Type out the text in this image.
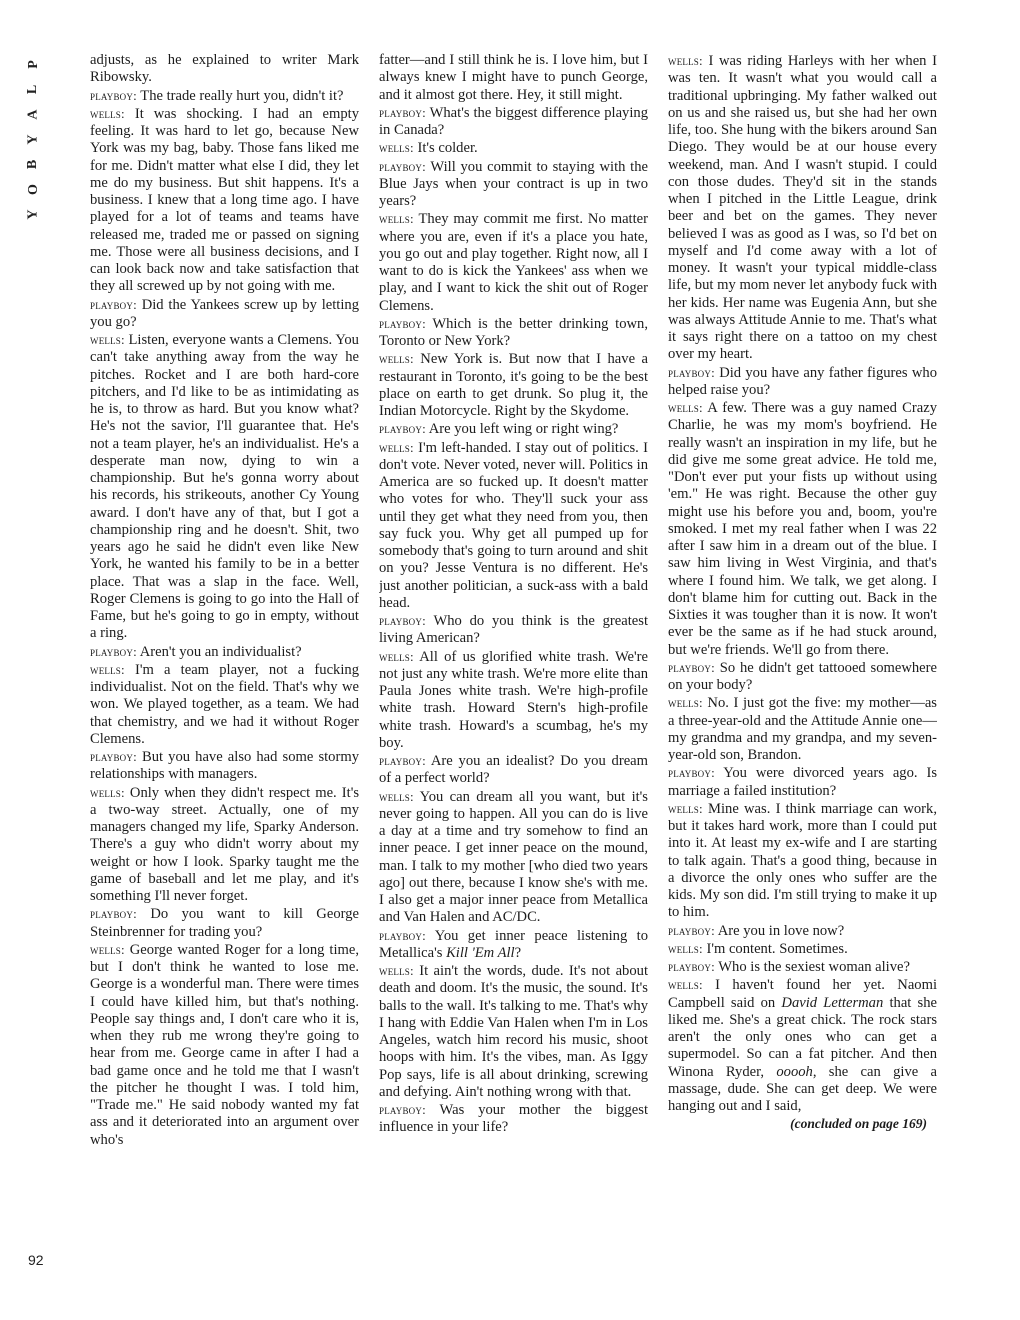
P
L
A
Y
B
O
Y
92

adjusts, as he explained to writer Mark Ribowsky.

playboy: The trade really hurt you, didn't it?

wells: It was shocking. I had an empty feeling. It was hard to let go, because New York was my bag, baby. Those fans liked me for me. Didn't matter what else I did, they let me do my business. But shit happens. It's a business. I knew that a long time ago. I have played for a lot of teams and teams have released me, traded me or passed on signing me. Those were all business decisions, and I can look back now and take satisfaction that they all screwed up by not going with me.

playboy: Did the Yankees screw up by letting you go?

wells: Listen, everyone wants a Clemens. You can't take anything away from the way he pitches. Rocket and I are both hard-core pitchers, and I'd like to be as intimidating as he is, to throw as hard. But you know what? He's not the savior, I'll guarantee that. He's not a team player, he's an individualist. He's a desperate man now, dying to win a championship. But he's gonna worry about his records, his strikeouts, another Cy Young award. I don't have any of that, but I got a championship ring and he doesn't. Shit, two years ago he said he didn't even like New York, he wanted his family to be in a better place. That was a slap in the face. Well, Roger Clemens is going to go into the Hall of Fame, but he's going to go in empty, without a ring.

playboy: Aren't you an individualist?

wells: I'm a team player, not a fucking individualist. Not on the field. That's why we won. We played together, as a team. We had that chemistry, and we had it without Roger Clemens.

playboy: But you have also had some stormy relationships with managers.

wells: Only when they didn't respect me. It's a two-way street. Actually, one of my managers changed my life, Sparky Anderson. There's a guy who didn't worry about my weight or how I look. Sparky taught me the game of baseball and let me play, and it's something I'll never forget.

playboy: Do you want to kill George Steinbrenner for trading you?

wells: George wanted Roger for a long time, but I don't think he wanted to lose me. George is a wonderful man. There were times I could have killed him, but that's nothing. People say things and, I don't care who it is, when they rub me wrong they're going to hear from me. George came in after I had a bad game once and he told me that I wasn't the pitcher he thought I was. I told him, "Trade me." He said nobody wanted my fat ass and it deteriorated into an argument over who's

fatter—and I still think he is. I love him, but I always knew I might have to punch George, and it almost got there. Hey, it still might.

playboy: What's the biggest difference playing in Canada?

wells: It's colder.

playboy: Will you commit to staying with the Blue Jays when your contract is up in two years?

wells: They may commit me first. No matter where you are, even if it's a place you hate, you go out and play together. Right now, all I want to do is kick the Yankees' ass when we play, and I want to kick the shit out of Roger Clemens.

playboy: Which is the better drinking town, Toronto or New York?

wells: New York is. But now that I have a restaurant in Toronto, it's going to be the best place on earth to get drunk. So plug it, the Indian Motorcycle. Right by the Skydome.

playboy: Are you left wing or right wing?

wells: I'm left-handed. I stay out of politics. I don't vote. Never voted, never will. Politics in America are so fucked up. It doesn't matter who votes for who. They'll suck your ass until they get what they need from you, then say fuck you. Why get all pumped up for somebody that's going to turn around and shit on you? Jesse Ventura is no different. He's just another politician, a suck-ass with a bald head.

playboy: Who do you think is the greatest living American?

wells: All of us glorified white trash. We're not just any white trash. We're more elite than Paula Jones white trash. We're high-profile white trash. Howard Stern's high-profile white trash. Howard's a scumbag, he's my boy.

playboy: Are you an idealist? Do you dream of a perfect world?

wells: You can dream all you want, but it's never going to happen. All you can do is live a day at a time and try somehow to find an inner peace. I get inner peace on the mound, man. I talk to my mother [who died two years ago] out there, because I know she's with me. I also get a major inner peace from Metallica and Van Halen and AC/DC.

playboy: You get inner peace listening to Metallica's Kill 'Em All?

wells: It ain't the words, dude. It's not about death and doom. It's the music, the sound. It's balls to the wall. It's talking to me. That's why I hang with Eddie Van Halen when I'm in Los Angeles, watch him record his music, shoot hoops with him. It's the vibes, man. As Iggy Pop says, life is all about drinking, screwing and defying. Ain't nothing wrong with that.

playboy: Was your mother the biggest influence in your life?

wells: I was riding Harleys with her when I was ten. It wasn't what you would call a traditional upbringing. My father walked out on us and she raised us, but she had her own life, too. She hung with the bikers around San Diego. They would be at our house every weekend, man. And I wasn't stupid. I could con those dudes. They'd sit in the stands when I pitched in the Little League, drink beer and bet on the games. They never believed I was as good as I was, so I'd bet on myself and I'd come away with a lot of money. It wasn't your typical middle-class life, but my mom never let anybody fuck with her kids. Her name was Eugenia Ann, but she was always Attitude Annie to me. That's what it says right there on a tattoo on my chest over my heart.

playboy: Did you have any father figures who helped raise you?

wells: A few. There was a guy named Crazy Charlie, he was my mom's boyfriend. He really wasn't an inspiration in my life, but he did give me some great advice. He told me, "Don't ever put your fists up without using 'em." He was right. Because the other guy might use his before you and, boom, you're smoked. I met my real father when I was 22 after I saw him in a dream out of the blue. I saw him living in West Virginia, and that's where I found him. We talk, we get along. I don't blame him for cutting out. Back in the Sixties it was tougher than it is now. It won't ever be the same as if he had stuck around, but we're friends. We'll go from there.

playboy: So he didn't get tattooed somewhere on your body?

wells: No. I just got the five: my mother—as a three-year-old and the Attitude Annie one—my grandma and my grandpa, and my seven-year-old son, Brandon.

playboy: You were divorced years ago. Is marriage a failed institution?

wells: Mine was. I think marriage can work, but it takes hard work, more than I could put into it. At least my ex-wife and I are starting to talk again. That's a good thing, because in a divorce the only ones who suffer are the kids. My son did. I'm still trying to make it up to him.

playboy: Are you in love now?

wells: I'm content. Sometimes.

playboy: Who is the sexiest woman alive?

wells: I haven't found her yet. Naomi Campbell said on David Letterman that she liked me. She's a great chick. The rock stars aren't the only ones who can get a supermodel. So can a fat pitcher. And then Winona Ryder, ooooh, she can give a massage, dude. She can get deep. We were hanging out and I said,

(concluded on page 169)
